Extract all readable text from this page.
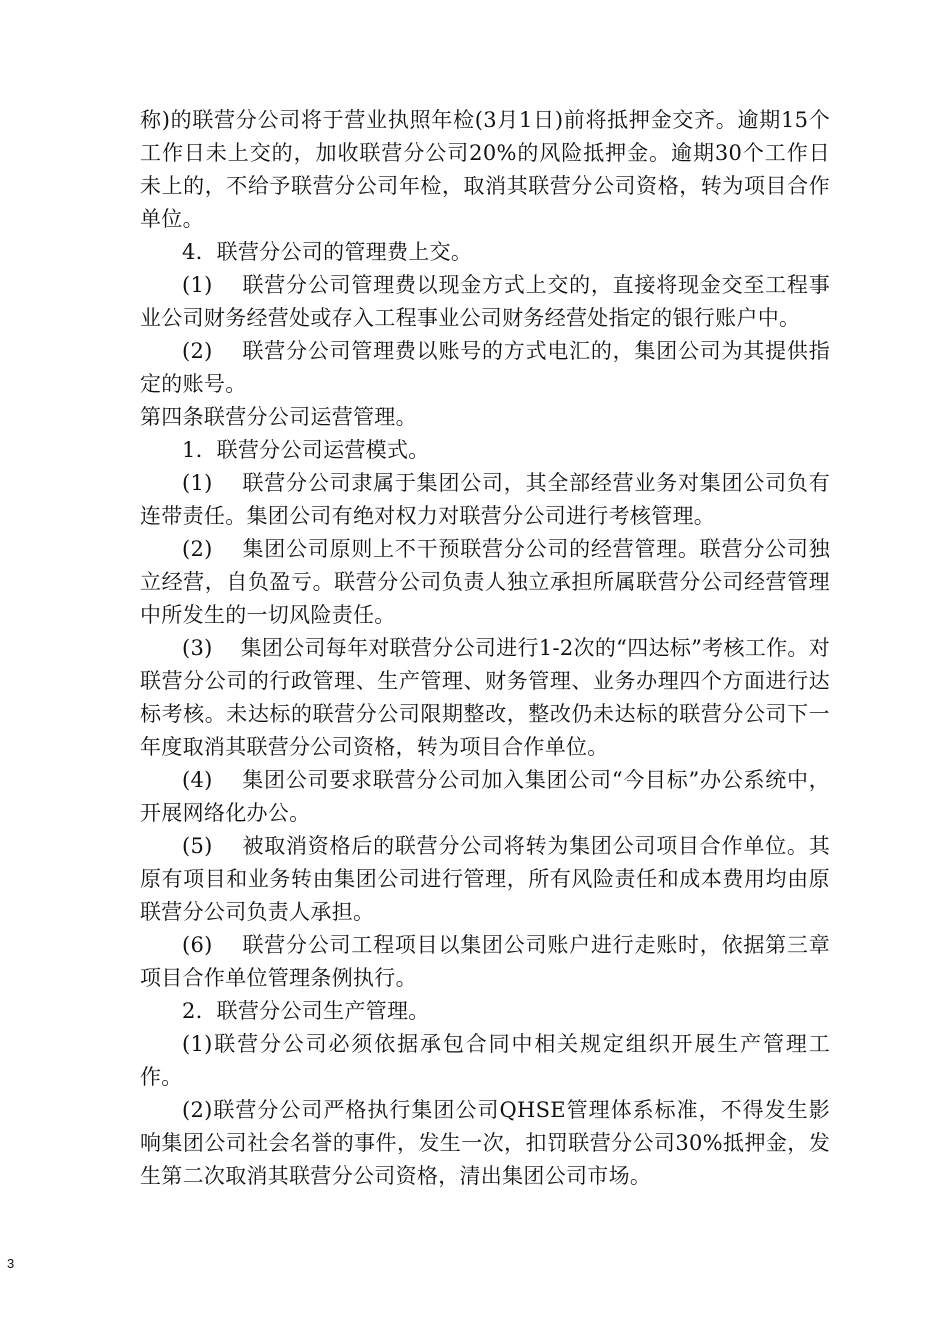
称)的联营分公司将于营业执照年检(3月1日)前将抵押金交齐。逾期15个工作日未上交的，加收联营分公司20%的风险抵押金。逾期30个工作日未上的，不给予联营分公司年检，取消其联营分公司资格，转为项目合作单位。

4.  联营分公司的管理费上交。

(1)    联营分公司管理费以现金方式上交的，直接将现金交至工程事业公司财务经营处或存入工程事业公司财务经营处指定的银行账户中。

(2)    联营分公司管理费以账号的方式电汇的，集团公司为其提供指定的账号。

第四条联营分公司运营管理。

1.  联营分公司运营模式。

(1)    联营分公司隶属于集团公司，其全部经营业务对集团公司负有连带责任。集团公司有绝对权力对联营分公司进行考核管理。

(2)    集团公司原则上不干预联营分公司的经营管理。联营分公司独立经营，自负盈亏。联营分公司负责人独立承担所属联营分公司经营管理中所发生的一切风险责任。

(3)    集团公司每年对联营分公司进行1-2次的“四达标”考核工作。对联营分公司的行政管理、生产管理、财务管理、业务办理四个方面进行达标考核。未达标的联营分公司限期整改，整改仍未达标的联营分公司下一年度取消其联营分公司资格，转为项目合作单位。

(4)    集团公司要求联营分公司加入集团公司“今目标”办公系统中，开展网络化办公。

(5)    被取消资格后的联营分公司将转为集团公司项目合作单位。其原有项目和业务转由集团公司进行管理，所有风险责任和成本费用均由原联营分公司负责人承担。

(6)    联营分公司工程项目以集团公司账户进行走账时，依据第三章项目合作单位管理条例执行。

2.  联营分公司生产管理。

(1)联营分公司必须依据承包合同中相关规定组织开展生产管理工作。

(2)联营分公司严格执行集团公司QHSE管理体系标准，不得发生影响集团公司社会名誉的事件，发生一次，扣罚联营分公司30%抵押金，发生第二次取消其联营分公司资格，清出集团公司市场。

3
